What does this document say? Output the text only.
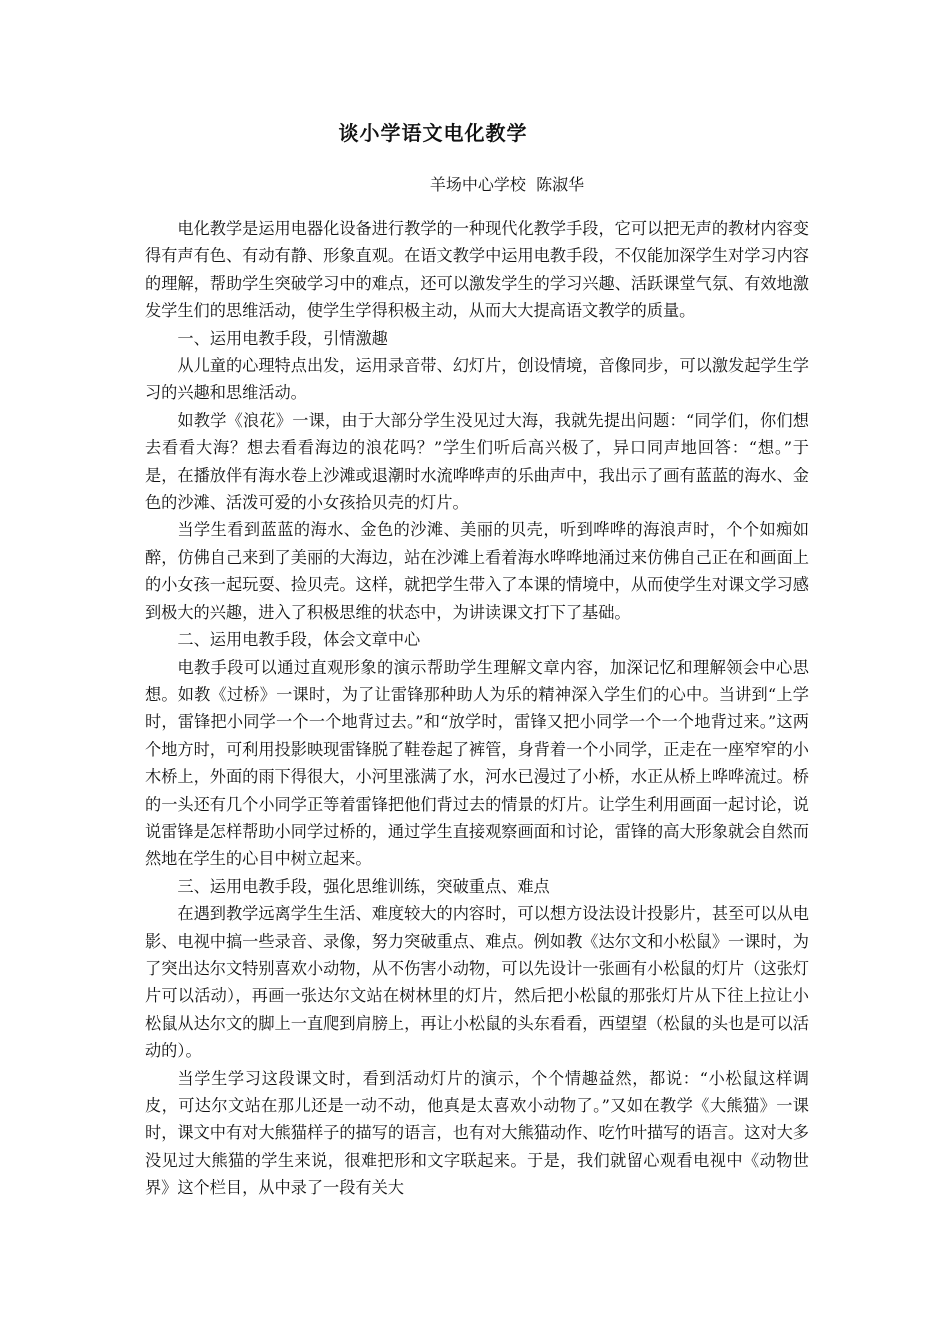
谈小学语文电化教学
羊场中心学校  陈淑华

电化教学是运用电器化设备进行教学的一种现代化教学手段，它可以把无声的教材内容变得有声有色、有动有静、形象直观。在语文教学中运用电教手段，不仅能加深学生对学习内容的理解，帮助学生突破学习中的难点，还可以激发学生的学习兴趣、活跃课堂气氛、有效地激发学生们的思维活动，使学生学得积极主动，从而大大提高语文教学的质量。

一、运用电教手段，引情激趣

从儿童的心理特点出发，运用录音带、幻灯片，创设情境，音像同步，可以激发起学生学习的兴趣和思维活动。

如教学《浪花》一课，由于大部分学生没见过大海，我就先提出问题：“同学们，你们想去看看大海？想去看看海边的浪花吗？”学生们听后高兴极了，异口同声地回答：“想。”于是，在播放伴有海水卷上沙滩或退潮时水流哗哗声的乐曲声中，我出示了画有蓝蓝的海水、金色的沙滩、活泼可爱的小女孩拾贝壳的灯片。

当学生看到蓝蓝的海水、金色的沙滩、美丽的贝壳，听到哗哗的海浪声时，个个如痴如醉，仿佛自己来到了美丽的大海边，站在沙滩上看着海水哗哗地涌过来仿佛自己正在和画面上的小女孩一起玩耍、捡贝壳。这样，就把学生带入了本课的情境中，从而使学生对课文学习感到极大的兴趣，进入了积极思维的状态中，为讲读课文打下了基础。

二、运用电教手段，体会文章中心

电教手段可以通过直观形象的演示帮助学生理解文章内容，加深记忆和理解领会中心思想。如教《过桥》一课时，为了让雷锋那种助人为乐的精神深入学生们的心中。当讲到“上学时，雷锋把小同学一个一个地背过去。”和“放学时，雷锋又把小同学一个一个地背过来。”这两个地方时，可利用投影映现雷锋脱了鞋卷起了裤管，身背着一个小同学，正走在一座窄窄的小木桥上，外面的雨下得很大，小河里涨满了水，河水已漫过了小桥，水正从桥上哗哗流过。桥的一头还有几个小同学正等着雷锋把他们背过去的情景的灯片。让学生利用画面一起讨论，说说雷锋是怎样帮助小同学过桥的，通过学生直接观察画面和讨论，雷锋的高大形象就会自然而然地在学生的心目中树立起来。

三、运用电教手段，强化思维训练，突破重点、难点

在遇到教学远离学生生活、难度较大的内容时，可以想方设法设计投影片，甚至可以从电影、电视中搞一些录音、录像，努力突破重点、难点。例如教《达尔文和小松鼠》一课时，为了突出达尔文特别喜欢小动物，从不伤害小动物，可以先设计一张画有小松鼠的灯片（这张灯片可以活动），再画一张达尔文站在树林里的灯片，然后把小松鼠的那张灯片从下往上拉让小松鼠从达尔文的脚上一直爬到肩膀上，再让小松鼠的头东看看，西望望（松鼠的头也是可以活动的）。

当学生学习这段课文时，看到活动灯片的演示，个个情趣益然，都说：“小松鼠这样调皮，可达尔文站在那儿还是一动不动，他真是太喜欢小动物了。”又如在教学《大熊猫》一课时，课文中有对大熊猫样子的描写的语言，也有对大熊猫动作、吃竹叶描写的语言。这对大多没见过大熊猫的学生来说，很难把形和文字联起来。于是，我们就留心观看电视中《动物世界》这个栏目，从中录了一段有关大
